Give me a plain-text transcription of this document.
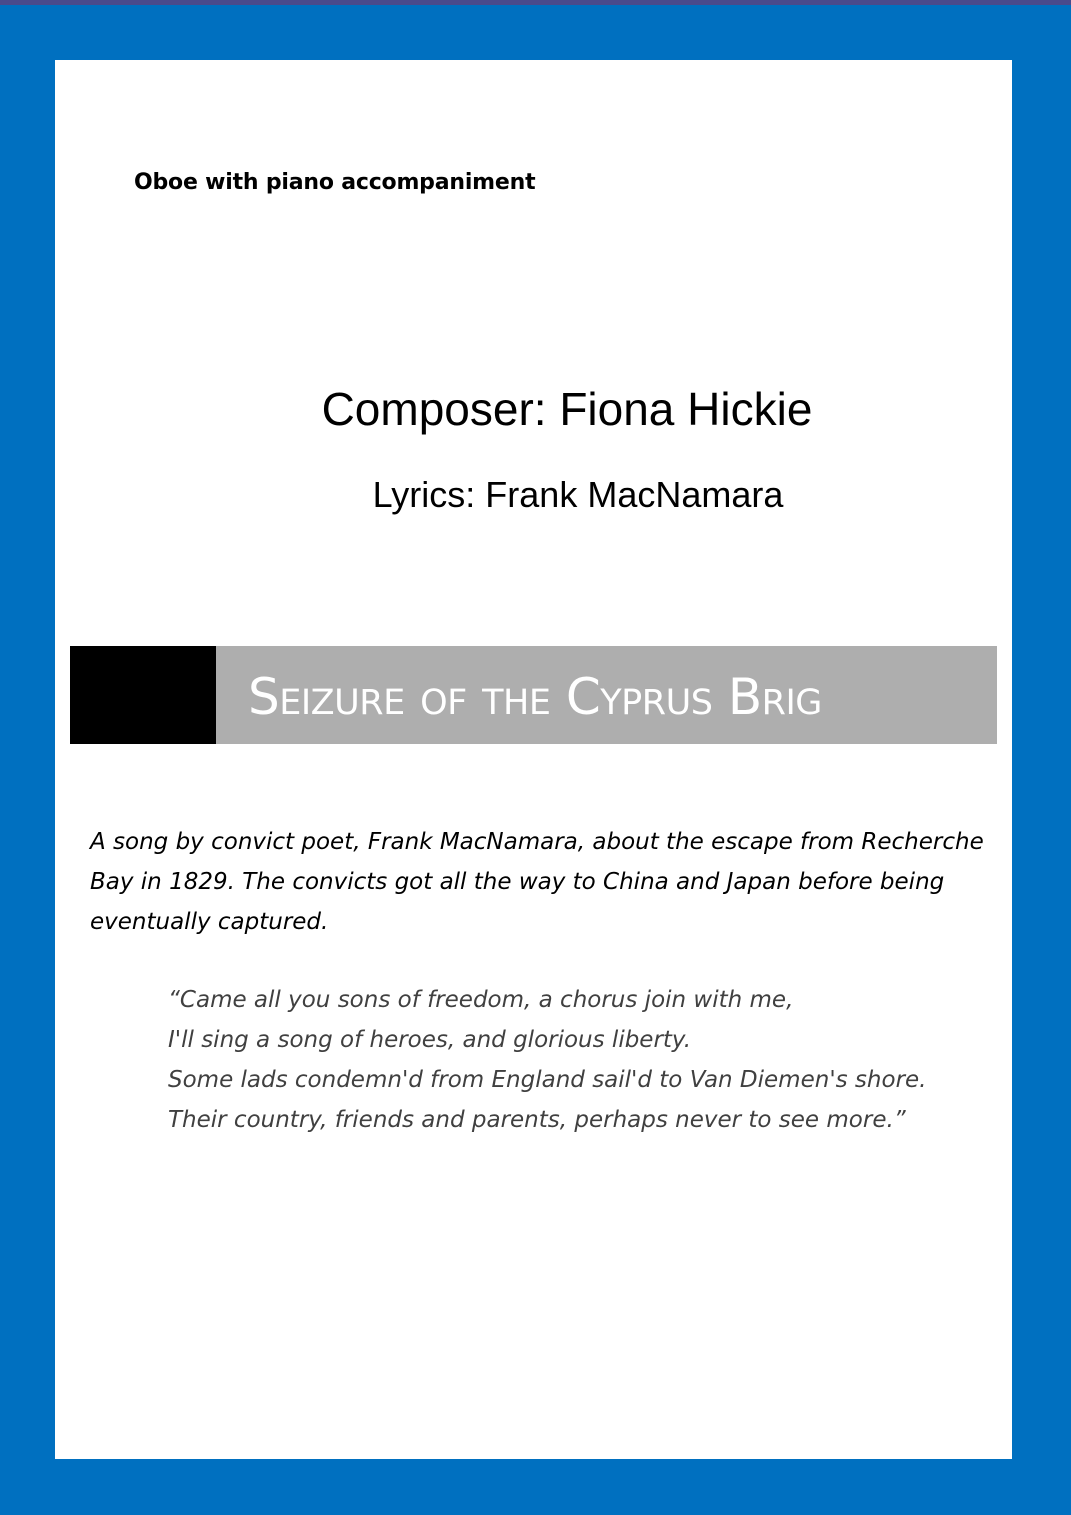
Oboe with piano accompaniment
Composer: Fiona Hickie
Lyrics: Frank MacNamara
Seizure of the Cyprus Brig
A song by convict poet, Frank MacNamara, about the escape from Recherche Bay in 1829. The convicts got all the way to China and Japan before being eventually captured.
“Came all you sons of freedom, a chorus join with me,
I'll sing a song of heroes, and glorious liberty.
Some lads condemn'd from England sail'd to Van Diemen's shore.
Their country, friends and parents, perhaps never to see more.”
